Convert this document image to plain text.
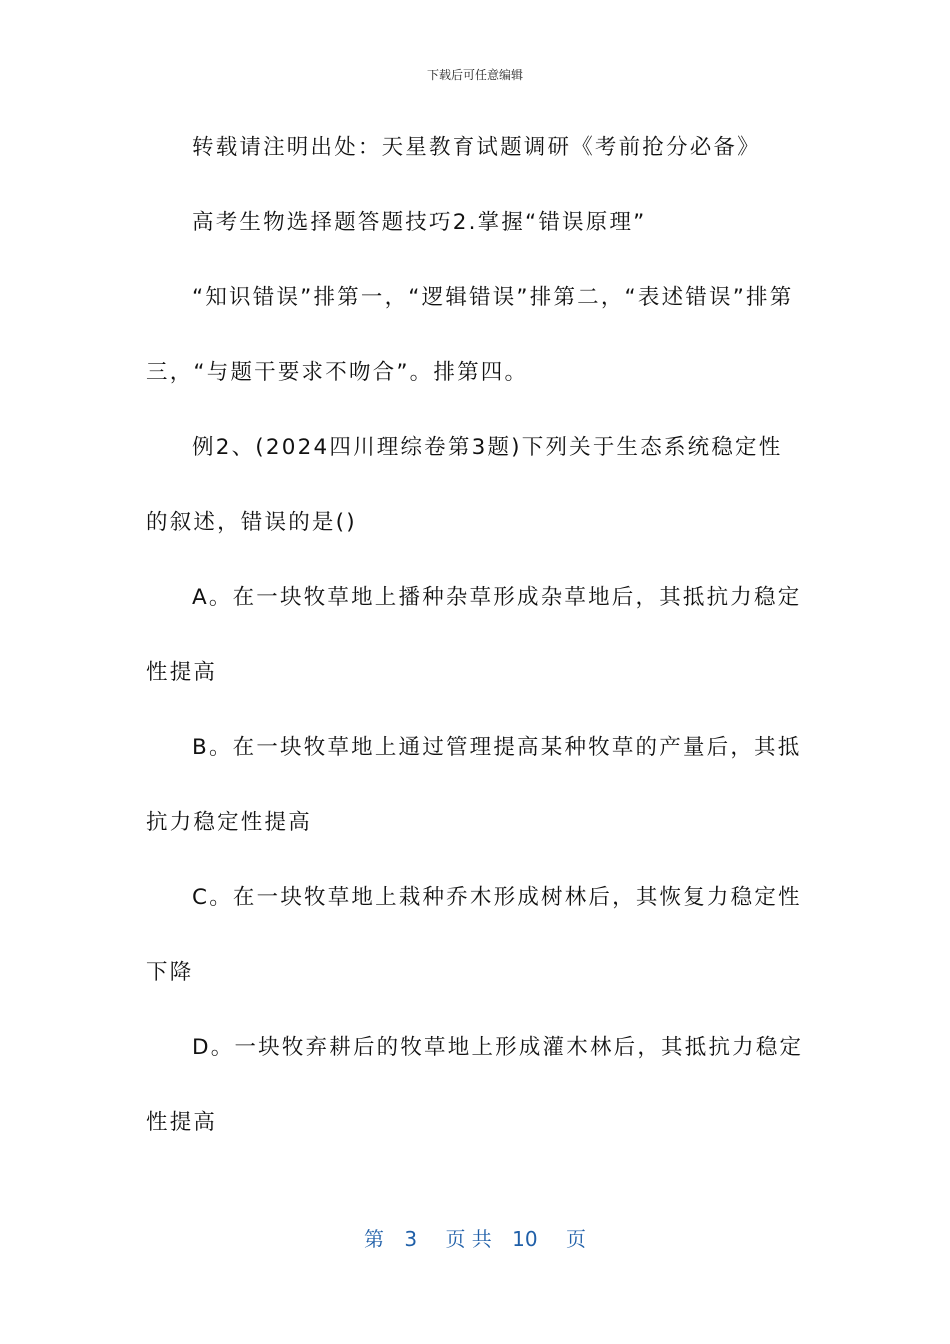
下载后可任意编辑

转载请注明出处：天星教育试题调研《考前抢分必备》

高考生物选择题答题技巧2.掌握“错误原理”

“知识错误”排第一，“逻辑错误”排第二，“表述错误”排第三，“与题干要求不吻合”。排第四。

例2、(2024四川理综卷第3题)下列关于生态系统稳定性的叙述，错误的是()

A。在一块牧草地上播种杂草形成杂草地后，其抵抗力稳定性提高

B。在一块牧草地上通过管理提高某种牧草的产量后，其抵抗力稳定性提高

C。在一块牧草地上栽种乔木形成树林后，其恢复力稳定性下降

D。一块牧弃耕后的牧草地上形成灌木林后，其抵抗力稳定性提高

第 3 页 共 10 页
